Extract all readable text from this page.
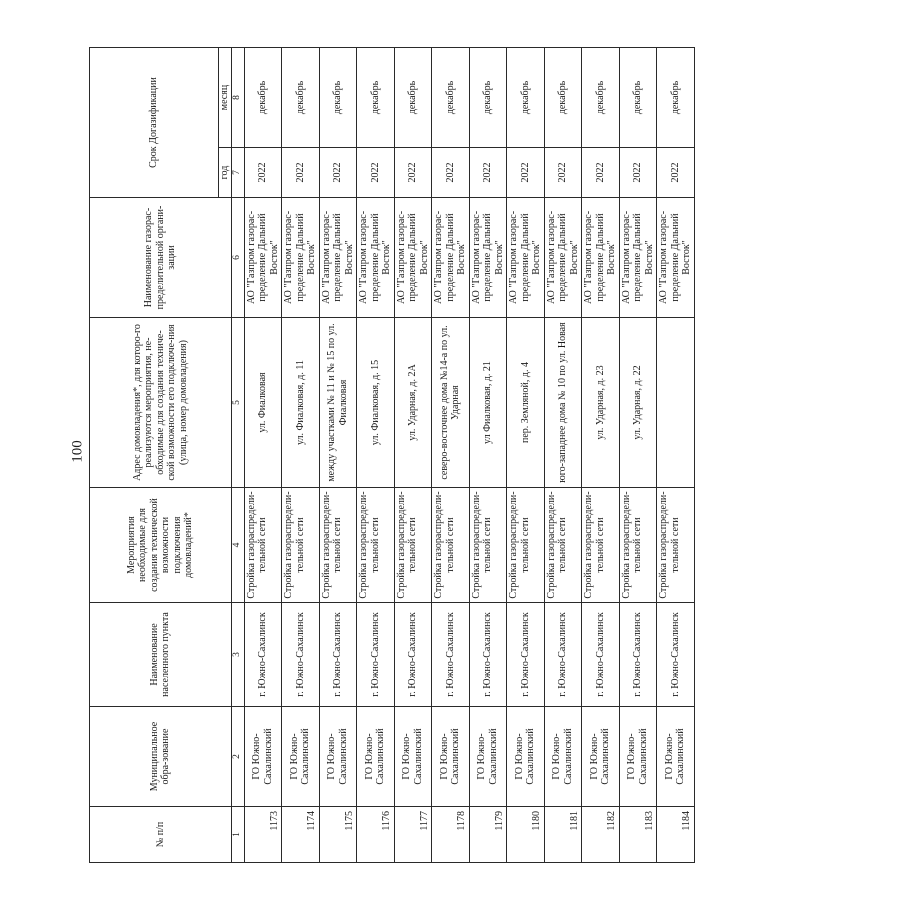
100
№ п/п	Муниципальное обра-зование	Наименование населенного пункта	Мероприятия необходимые для создания технической возможности подключения домовладений*	Адрес домовладения*, для которо-го реализуются мероприятия, не-обходимые для создания техниче-ской возможности его подключе-ния (улица, номер домовладения)	Наименование газорас-пределительной органи-зации	Срок Догазификации	
						год	месяц
1	2	3	4	5	6	7	8
1173	ГО Южно-Сахалинский	г. Южно-Сахалинск	Стройка газораспредели-тельной сети	ул. Фиалковая	АО "Газпром газорас-пределение Дальний Восток"	2022	декабрь
1174	ГО Южно-Сахалинский	г. Южно-Сахалинск	Стройка газораспредели-тельной сети	ул. Фиалковая, д. 11	АО "Газпром газорас-пределение Дальний Восток"	2022	декабрь
1175	ГО Южно-Сахалинский	г. Южно-Сахалинск	Стройка газораспредели-тельной сети	между участками № 11 и № 15 по ул. Фиалковая	АО "Газпром газорас-пределение Дальний Восток"	2022	декабрь
1176	ГО Южно-Сахалинский	г. Южно-Сахалинск	Стройка газораспредели-тельной сети	ул. Фиалковая, д. 15	АО "Газпром газорас-пределение Дальний Восток"	2022	декабрь
1177	ГО Южно-Сахалинский	г. Южно-Сахалинск	Стройка газораспредели-тельной сети	ул. Ударная, д. 2А	АО "Газпром газорас-пределение Дальний Восток"	2022	декабрь
1178	ГО Южно-Сахалинский	г. Южно-Сахалинск	Стройка газораспредели-тельной сети	северо-восточнее дома №14-а по ул. Ударная	АО "Газпром газорас-пределение Дальний Восток"	2022	декабрь
1179	ГО Южно-Сахалинский	г. Южно-Сахалинск	Стройка газораспредели-тельной сети	ул Фиалковая, д. 21	АО "Газпром газорас-пределение Дальний Восток"	2022	декабрь
1180	ГО Южно-Сахалинский	г. Южно-Сахалинск	Стройка газораспредели-тельной сети	пер. Земляной, д. 4	АО "Газпром газорас-пределение Дальний Восток"	2022	декабрь
1181	ГО Южно-Сахалинский	г. Южно-Сахалинск	Стройка газораспредели-тельной сети	юго-западнее дома № 10 по ул. Новая	АО "Газпром газорас-пределение Дальний Восток"	2022	декабрь
1182	ГО Южно-Сахалинский	г. Южно-Сахалинск	Стройка газораспредели-тельной сети	ул. Ударная, д. 23	АО "Газпром газорас-пределение Дальний Восток"	2022	декабрь
1183	ГО Южно-Сахалинский	г. Южно-Сахалинск	Стройка газораспредели-тельной сети	ул. Ударная, д. 22	АО "Газпром газорас-пределение Дальний Восток"	2022	декабрь
1184	ГО Южно-Сахалинский	г. Южно-Сахалинск	Стройка газораспредели-тельной сети		АО "Газпром газорас-пределение Дальний Восток"	2022	декабрь
